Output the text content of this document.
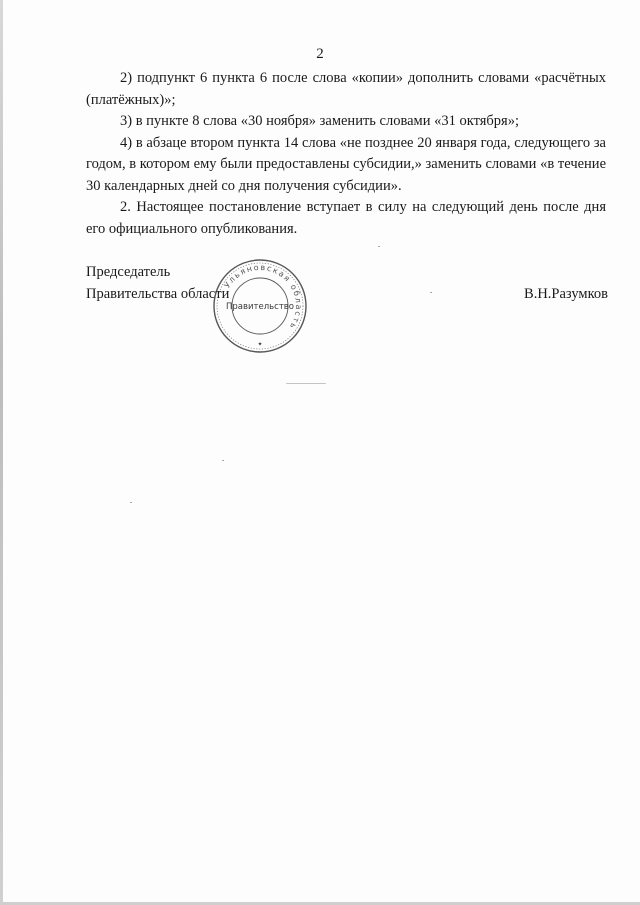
2

2) подпункт 6 пункта 6 после слова «копии» дополнить словами «расчётных (платёжных)»;

3) в пункте 8 слова «30 ноября» заменить словами «31 октября»;

4) в абзаце втором пункта 14 слова «не позднее 20 января года, следующего за годом, в котором ему были предоставлены субсидии,» заменить словами «в течение 30 календарных дней со дня получения субсидии».

2. Настоящее постановление вступает в силу на следующий день после дня его официального опубликования.

Председатель
Правительства области	В.Н.Разумков
Ульяновская область
Правительство
✦
